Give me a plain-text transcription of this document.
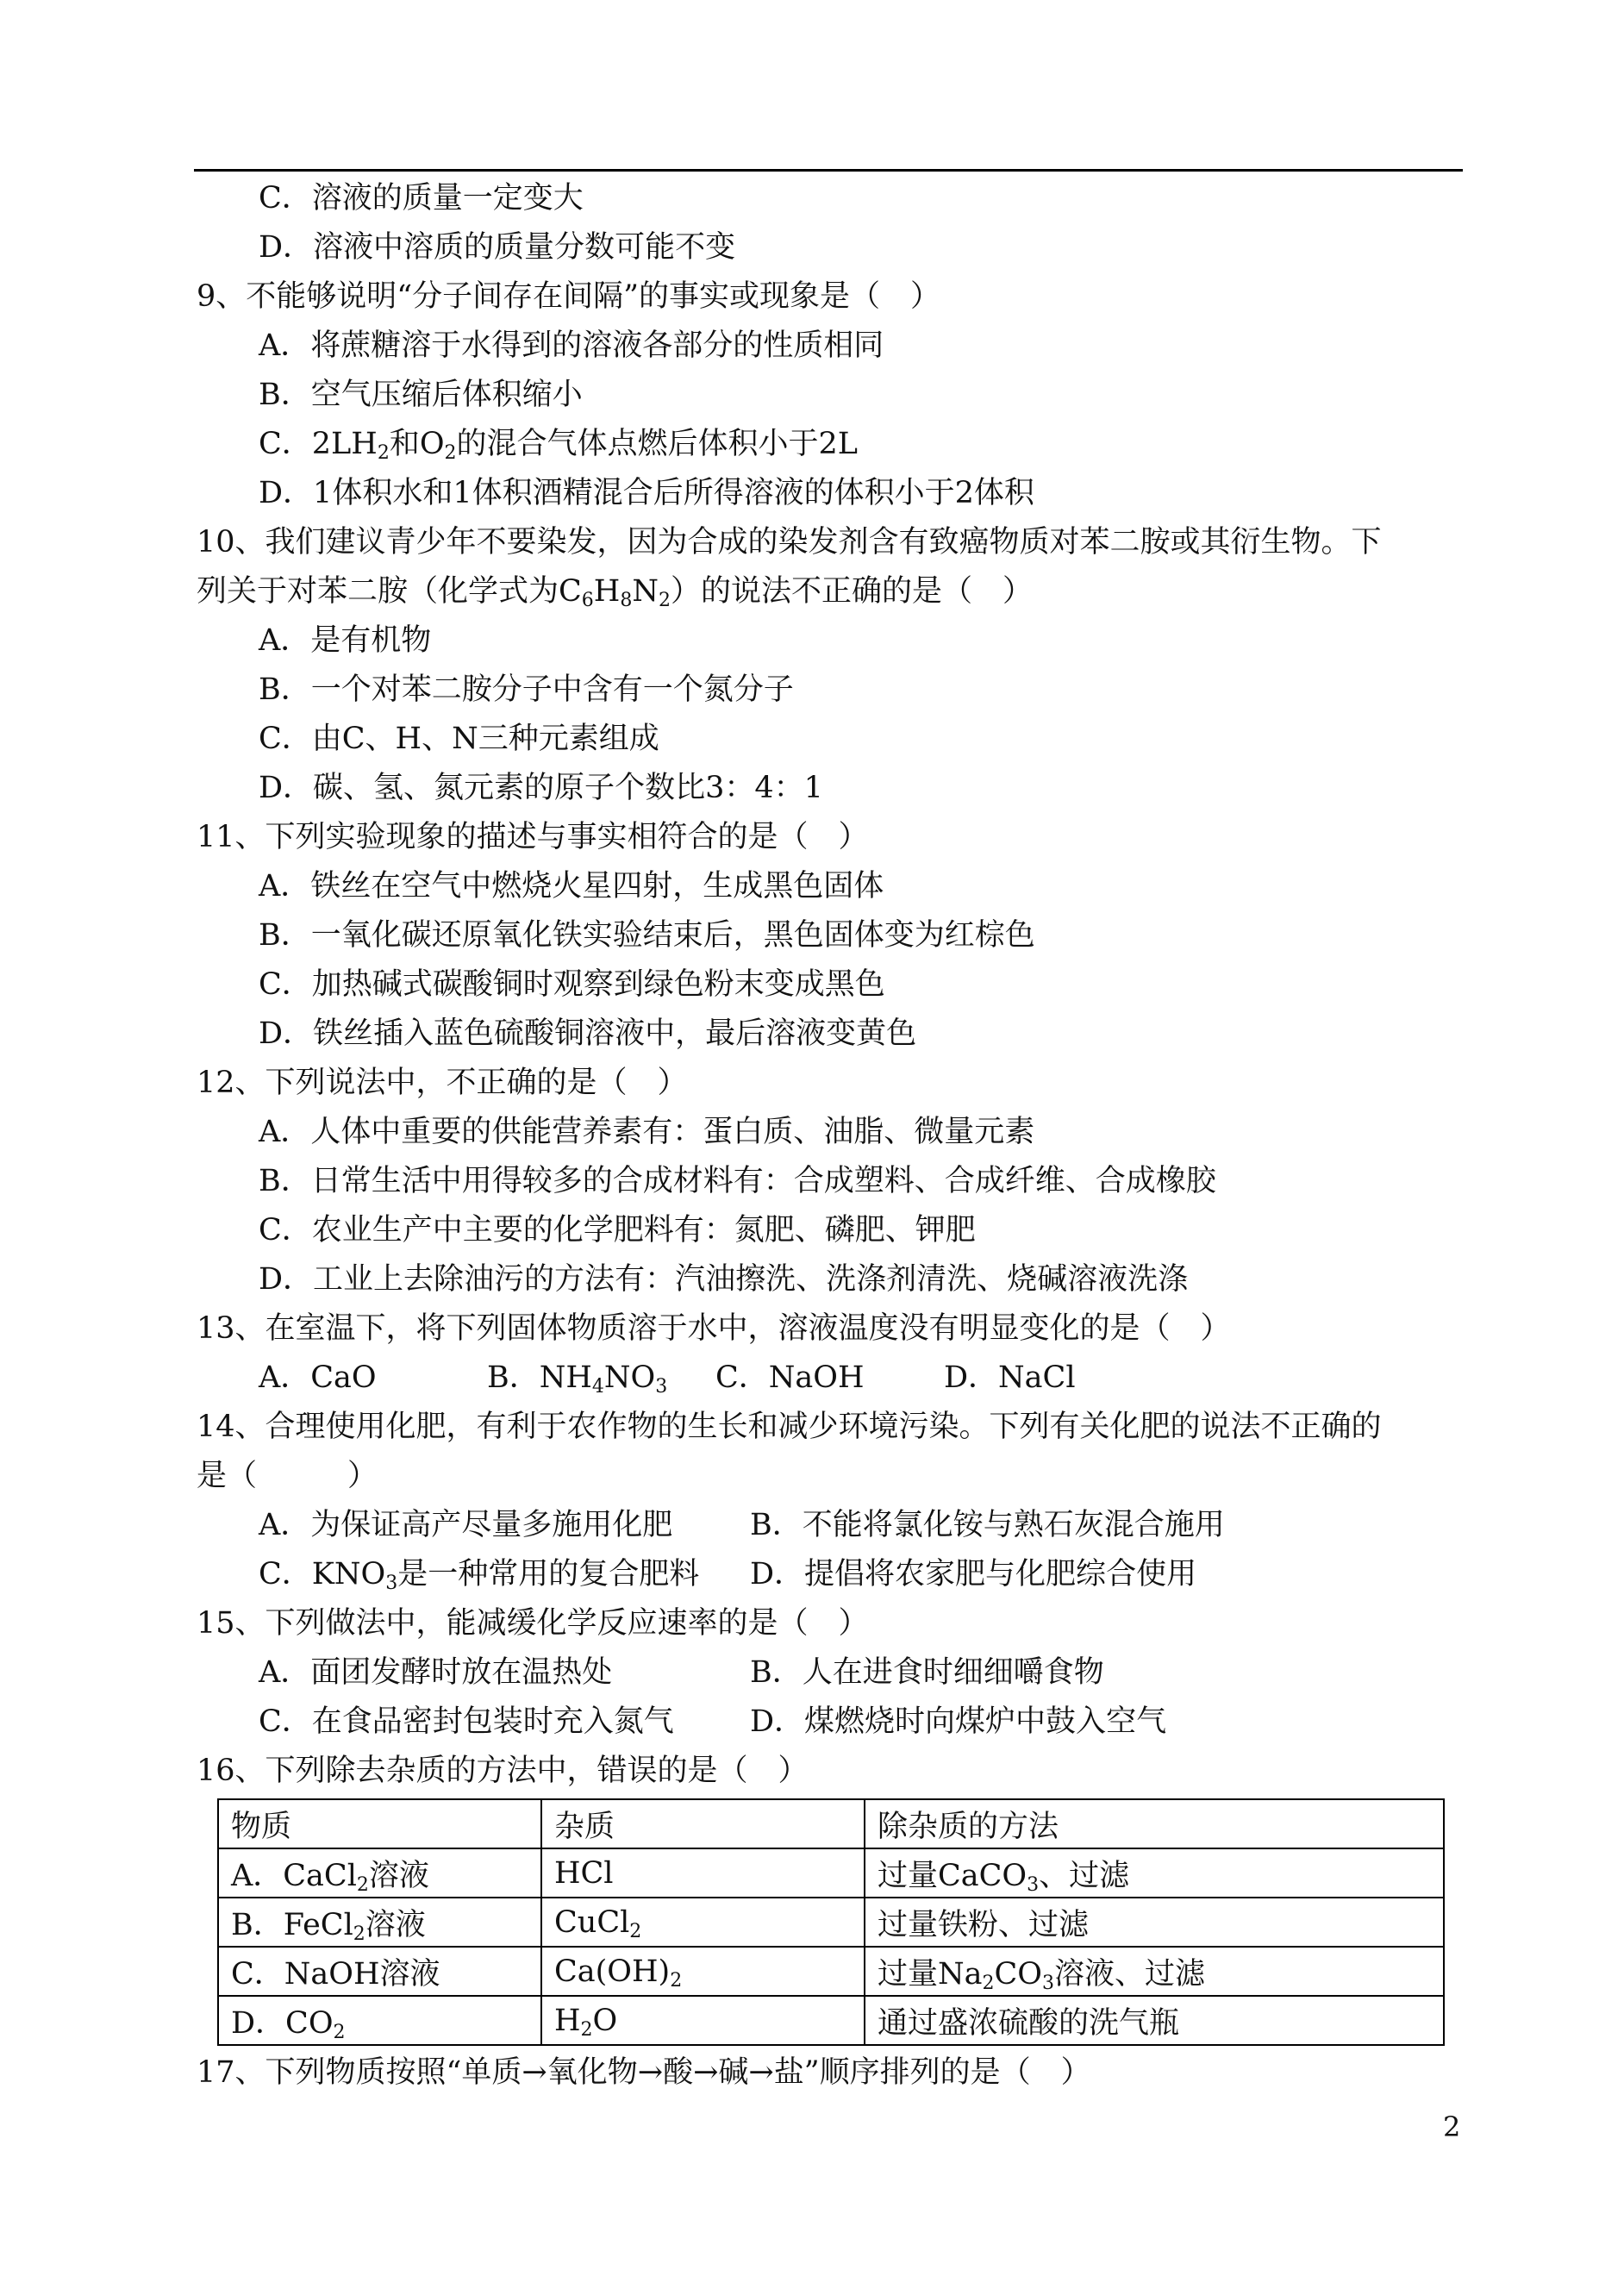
C．溶液的质量一定变大
D．溶液中溶质的质量分数可能不变
9、不能够说明“分子间存在间隔”的事实或现象是（　）
A．将蔗糖溶于水得到的溶液各部分的性质相同
B．空气压缩后体积缩小
C．$2LH_2$和$O_2$的混合气体点燃后体积小于2L
D．1体积水和1体积酒精混合后所得溶液的体积小于2体积
10、我们建议青少年不要染发，因为合成的染发剂含有致癌物质对苯二胺或其衍生物。下
列关于对苯二胺（化学式为$C_6H_8N_2$）的说法不正确的是（　）
A．是有机物
B．一个对苯二胺分子中含有一个氮分子
C．由C、H、N三种元素组成
D．碳、氢、氮元素的原子个数比3：4：1
11、下列实验现象的描述与事实相符合的是（　）
A．铁丝在空气中燃烧火星四射，生成黑色固体
B．一氧化碳还原氧化铁实验结束后，黑色固体变为红棕色
C．加热碱式碳酸铜时观察到绿色粉末变成黑色
D．铁丝插入蓝色硫酸铜溶液中，最后溶液变黄色
12、下列说法中，不正确的是（　）
A．人体中重要的供能营养素有：蛋白质、油脂、微量元素
B．日常生活中用得较多的合成材料有：合成塑料、合成纤维、合成橡胶
C．农业生产中主要的化学肥料有：氮肥、磷肥、钾肥
D．工业上去除油污的方法有：汽油擦洗、洗涤剂清洗、烧碱溶液洗涤
13、在室温下，将下列固体物质溶于水中，溶液温度没有明显变化的是（　）
A．CaO	B．$NH_4NO_3$ C．NaOH	D．NaCl
14、合理使用化肥，有利于农作物的生长和减少环境污染。下列有关化肥的说法不正确的
是（　　　）
A．为保证高产尽量多施用化肥	B．不能将氯化铵与熟石灰混合施用
C．$KNO_3$是一种常用的复合肥料 D．提倡将农家肥与化肥综合使用
15、下列做法中，能减缓化学反应速率的是（　）
A．面团发酵时放在温热处	B．人在进食时细细嚼食物
C．在食品密封包装时充入氮气	D．煤燃烧时向煤炉中鼓入空气
16、下列除去杂质的方法中，错误的是（　）
物质	杂质	除杂质的方法
A．CaCl$_2$溶液	HCl	过量CaCO$_3$、过滤
B．FeCl$_2$溶液	CuCl$_2$	过量铁粉、过滤
C．NaOH溶液	$Ca(OH)_2$	过量$Na_2CO_3$溶液、过滤
D．$CO_2$	$H_2O$	通过盛浓硫酸的洗气瓶
17、下列物质按照“单质→氧化物→酸→碱→盐”顺序排列的是（　）
2
